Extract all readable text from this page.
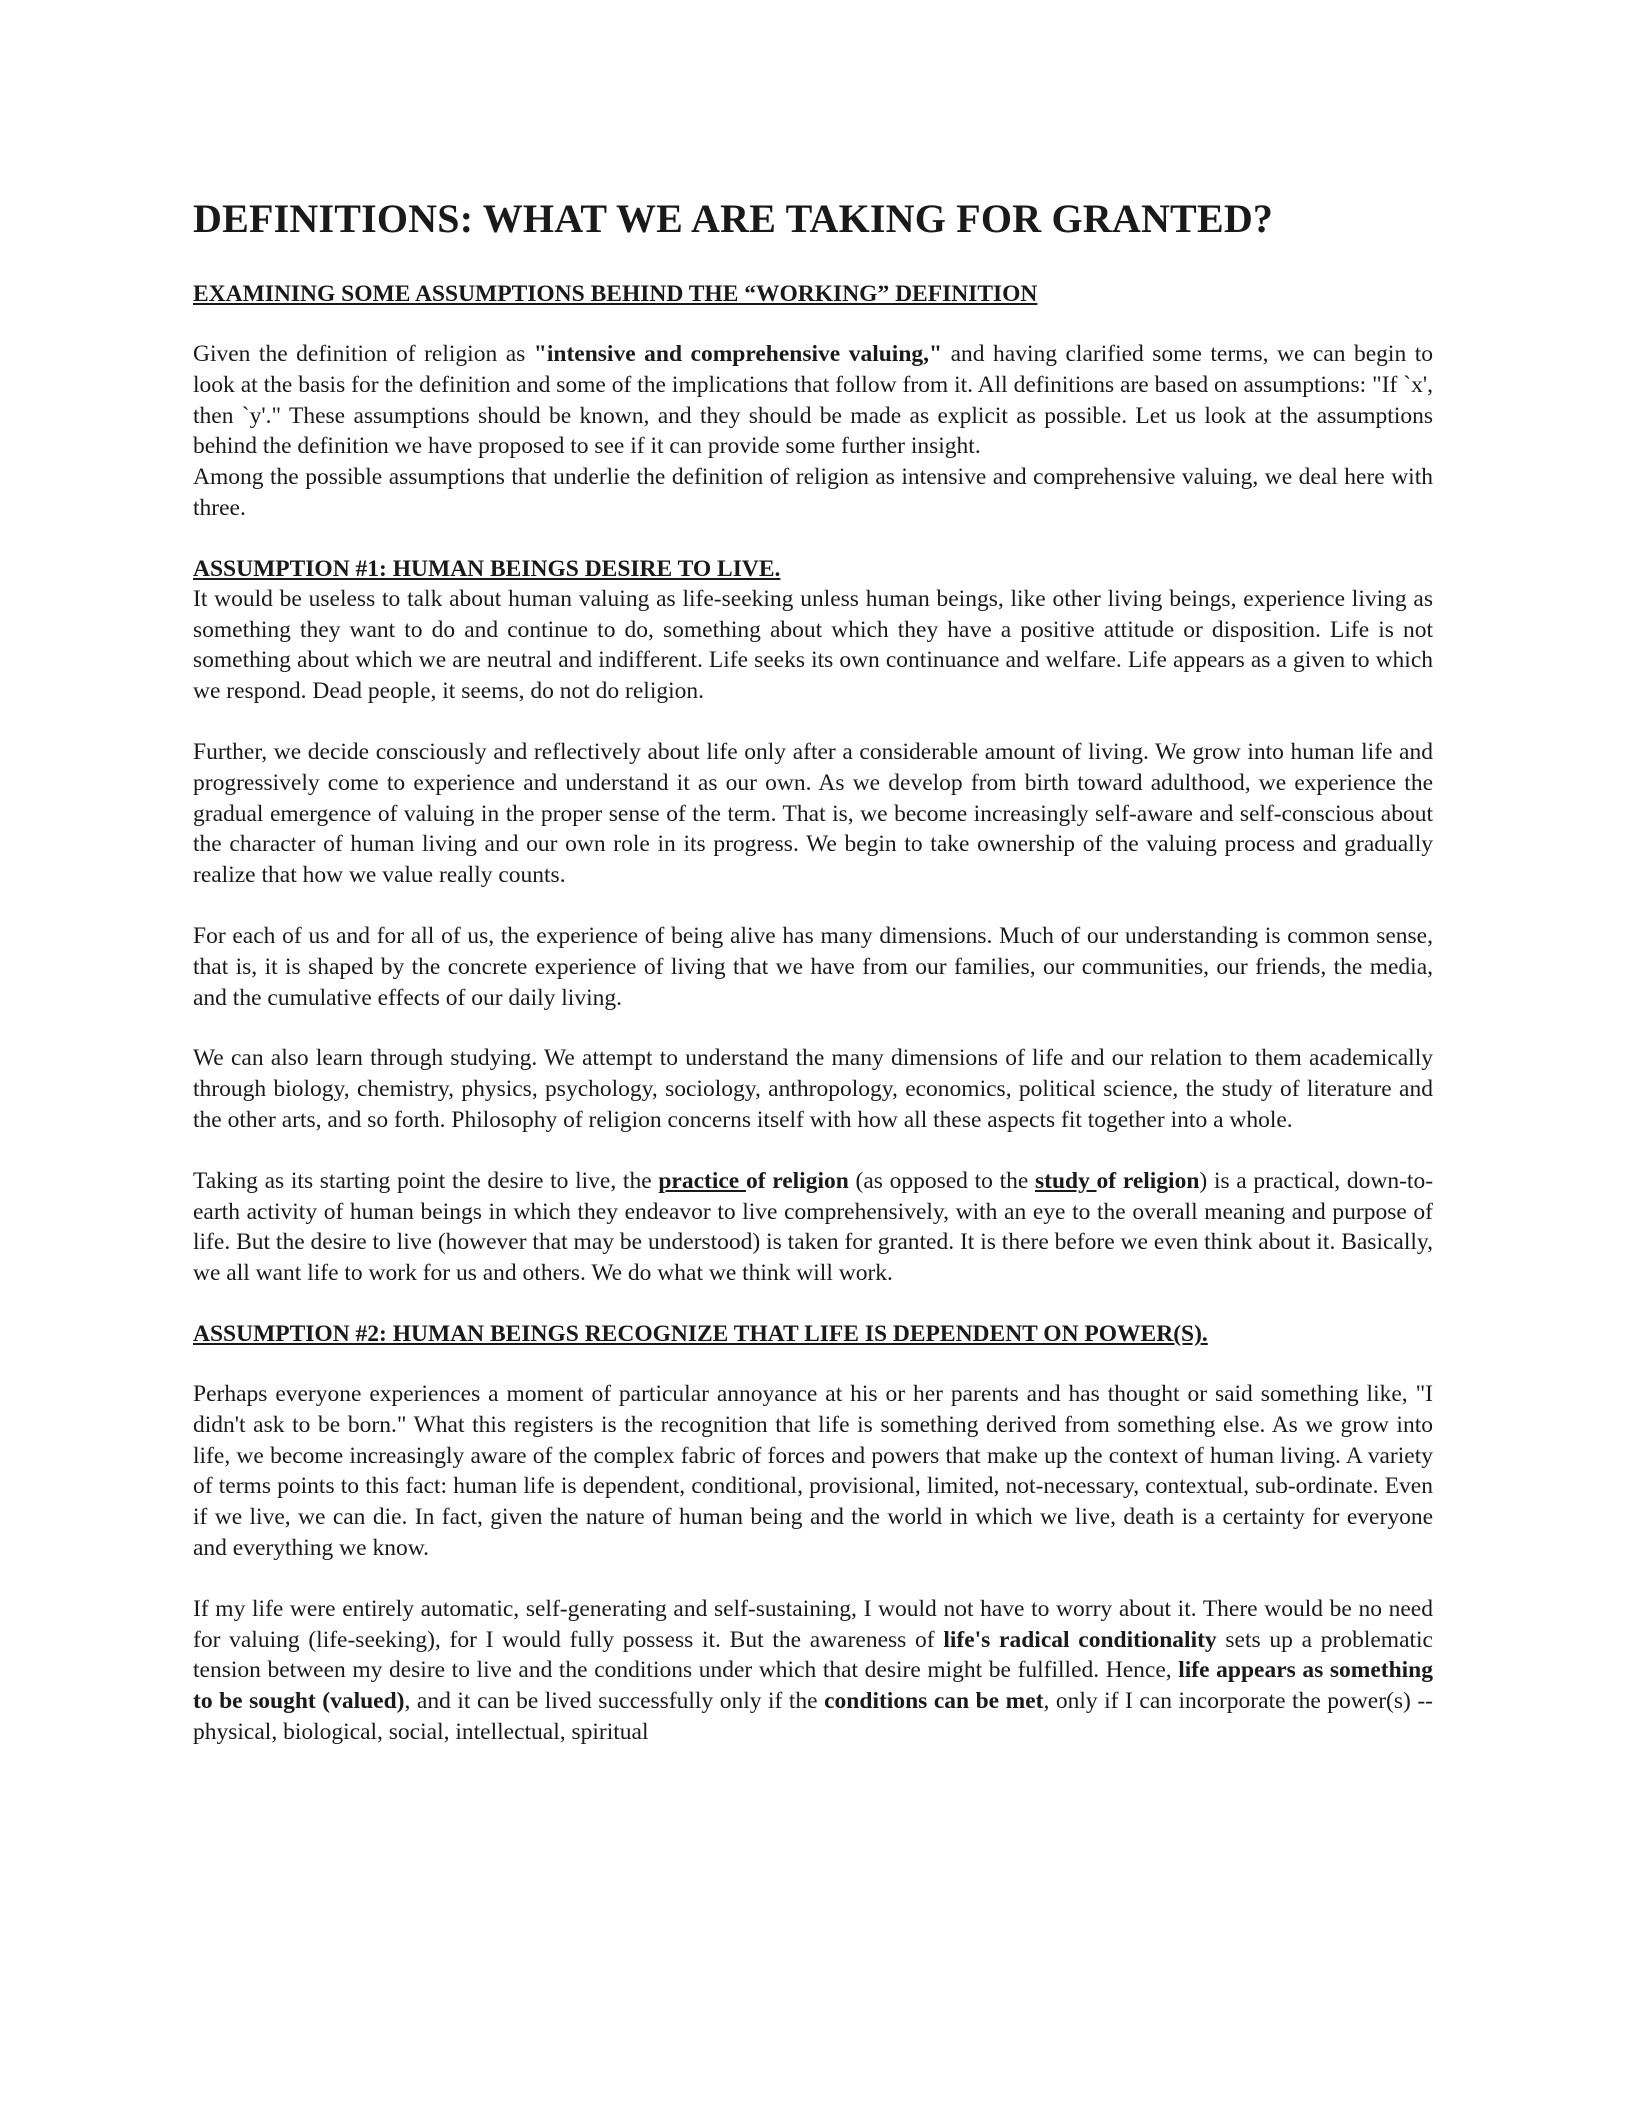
DEFINITIONS: WHAT WE ARE TAKING FOR GRANTED?
EXAMINING SOME ASSUMPTIONS BEHIND THE “WORKING” DEFINITION

Given the definition of religion as "intensive and comprehensive valuing," and having clarified some terms, we can begin to look at the basis for the definition and some of the implications that follow from it. All definitions are based on assumptions: "If `x', then `y'." These assumptions should be known, and they should be made as explicit as possible. Let us look at the assumptions behind the definition we have proposed to see if it can provide some further insight.

Among the possible assumptions that underlie the definition of religion as intensive and comprehensive valuing, we deal here with three.

ASSUMPTION #1: HUMAN BEINGS DESIRE TO LIVE.

It would be useless to talk about human valuing as life-seeking unless human beings, like other living beings, experience living as something they want to do and continue to do, something about which they have a positive attitude or disposition. Life is not something about which we are neutral and indifferent. Life seeks its own continuance and welfare. Life appears as a given to which we respond. Dead people, it seems, do not do religion.

Further, we decide consciously and reflectively about life only after a considerable amount of living. We grow into human life and progressively come to experience and understand it as our own. As we develop from birth toward adulthood, we experience the gradual emergence of valuing in the proper sense of the term. That is, we become increasingly self-aware and self-conscious about the character of human living and our own role in its progress. We begin to take ownership of the valuing process and gradually realize that how we value really counts.

For each of us and for all of us, the experience of being alive has many dimensions. Much of our understanding is common sense, that is, it is shaped by the concrete experience of living that we have from our families, our communities, our friends, the media, and the cumulative effects of our daily living.

We can also learn through studying. We attempt to understand the many dimensions of life and our relation to them academically through biology, chemistry, physics, psychology, sociology, anthropology, economics, political science, the study of literature and the other arts, and so forth. Philosophy of religion concerns itself with how all these aspects fit together into a whole.

Taking as its starting point the desire to live, the practice of religion (as opposed to the study of religion) is a practical, down-to-earth activity of human beings in which they endeavor to live comprehensively, with an eye to the overall meaning and purpose of life. But the desire to live (however that may be understood) is taken for granted. It is there before we even think about it. Basically, we all want life to work for us and others. We do what we think will work.

ASSUMPTION #2: HUMAN BEINGS RECOGNIZE THAT LIFE IS DEPENDENT ON POWER(S).

Perhaps everyone experiences a moment of particular annoyance at his or her parents and has thought or said something like, "I didn't ask to be born." What this registers is the recognition that life is something derived from something else. As we grow into life, we become increasingly aware of the complex fabric of forces and powers that make up the context of human living. A variety of terms points to this fact: human life is dependent, conditional, provisional, limited, not-necessary, contextual, sub-ordinate. Even if we live, we can die. In fact, given the nature of human being and the world in which we live, death is a certainty for everyone and everything we know.

If my life were entirely automatic, self-generating and self-sustaining, I would not have to worry about it. There would be no need for valuing (life-seeking), for I would fully possess it. But the awareness of life's radical conditionality sets up a problematic tension between my desire to live and the conditions under which that desire might be fulfilled. Hence, life appears as something to be sought (valued), and it can be lived successfully only if the conditions can be met, only if I can incorporate the power(s) -- physical, biological, social, intellectual, spiritual
